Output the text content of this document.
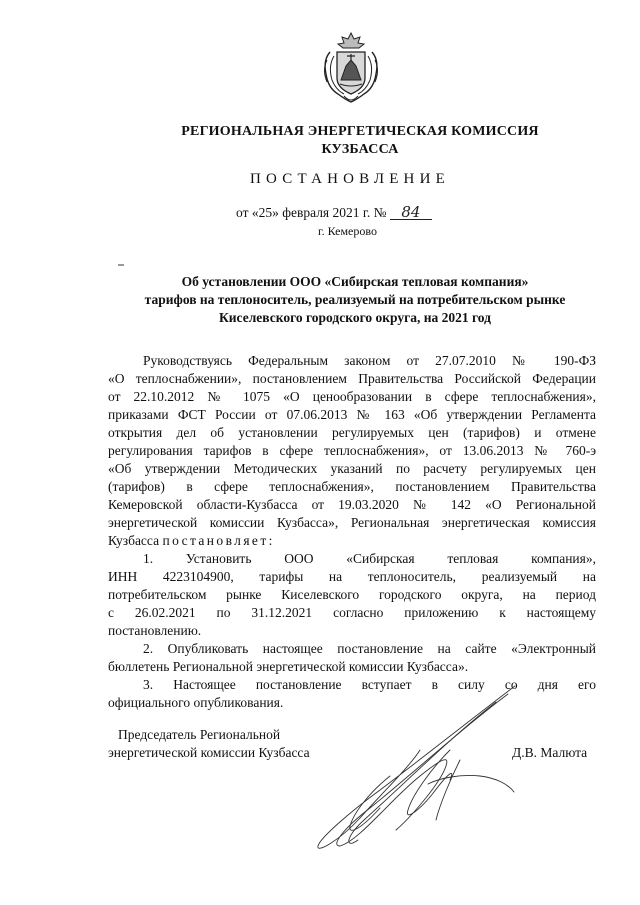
РЕГИОНАЛЬНАЯ ЭНЕРГЕТИЧЕСКАЯ КОМИССИЯ
КУЗБАССА
ПОСТАНОВЛЕНИЕ
от «25» февраля 2021 г. № 84
г. Кемерово
Об установлении ООО «Сибирская тепловая компания»
тарифов на теплоноситель, реализуемый на потребительском рынке
Киселевского городского округа, на 2021 год
Руководствуясь Федеральным законом от 27.07.2010 № 190-ФЗ
«О теплоснабжении», постановлением Правительства Российской Федерации
от 22.10.2012 № 1075 «О ценообразовании в сфере теплоснабжения»,
приказами ФСТ России от 07.06.2013 № 163 «Об утверждении Регламента
открытия дел об установлении регулируемых цен (тарифов) и отмене
регулирования тарифов в сфере теплоснабжения», от 13.06.2013 № 760-э
«Об утверждении Методических указаний по расчету регулируемых цен
(тарифов) в сфере теплоснабжения», постановлением Правительства
Кемеровской области-Кузбасса от 19.03.2020 № 142 «О Региональной
энергетической комиссии Кузбасса», Региональная энергетическая комиссия
Кузбасса постановляет:
1. Установить ООО «Сибирская тепловая компания»,
ИНН 4223104900, тарифы на теплоноситель, реализуемый на
потребительском рынке Киселевского городского округа, на период
с 26.02.2021 по 31.12.2021 согласно приложению к настоящему
постановлению.
2. Опубликовать настоящее постановление на сайте «Электронный
бюллетень Региональной энергетической комиссии Кузбасса».
3. Настоящее постановление вступает в силу со дня его
официального опубликования.
Председатель Региональной
энергетической комиссии Кузбасса	Д.В. Малюта
